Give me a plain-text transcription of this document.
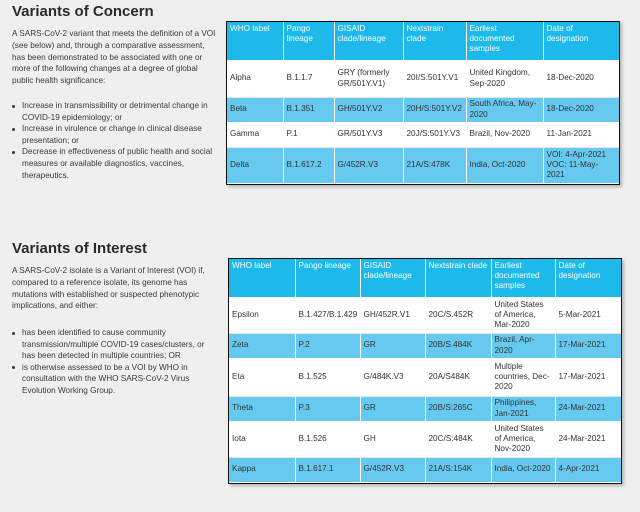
Variants of Concern

A SARS-CoV-2 variant that meets the definition of a VOI (see below) and, through a comparative assessment, has been demonstrated to be associated with one or more of the following changes at a degree of global public health significance:

Increase in transmissibility or detrimental change in COVID-19 epidemiology; or
Increase in virulence or change in clinical disease presentation; or
Decrease in effectiveness of public health and social measures or available diagnostics, vaccines, therapeutics.
WHO label	Pango lineage	GISAID clade/lineage	Nextstrain clade	Earliest documented samples	Date of designation
Alpha	B.1.1.7	GRY (formerly GR/501Y.V1)	20I/S:501Y.V1	United Kingdom, Sep-2020	18-Dec-2020
Beta	B.1.351	GH/501Y.V2	20H/S:501Y.V2	South Africa, May-2020	18-Dec-2020
Gamma	P.1	GR/501Y.V3	20J/S:501Y.V3	Brazil, Nov-2020	11-Jan-2021
Delta	B.1.617.2	G/452R.V3	21A/S:478K	India, Oct-2020	VOI: 4-Apr-2021 VOC: 11-May-2021
Variants of Interest

A SARS-CoV-2 isolate is a Variant of Interest (VOI) if, compared to a reference isolate, its genome has mutations with established or suspected phenotypic implications, and either:

has been identified to cause community transmission/multiple COVID-19 cases/clusters, or has been detected in multiple countries; OR
is otherwise assessed to be a VOI by WHO in consultation with the WHO SARS-CoV-2 Virus Evolution Working Group.
WHO label	Pango lineage	GISAID clade/lineage	Nextstrain clade	Earliest documented samples	Date of designation
Epsilon	B.1.427/B.1.429	GH/452R.V1	20C/S.452R	United States of America, Mar-2020	5-Mar-2021
Zeta	P.2	GR	20B/S.484K	Brazil, Apr-2020	17-Mar-2021
Eta	B.1.525	G/484K.V3	20A/S484K	Multiple countries, Dec-2020	17-Mar-2021
Theta	P.3	GR	20B/S:265C	Philippines, Jan-2021	24-Mar-2021
Iota	B.1.526	GH	20C/S:484K	United States of America, Nov-2020	24-Mar-2021
Kappa	B.1.617.1	G/452R.V3	21A/S:154K	India, Oct-2020	4-Apr-2021
